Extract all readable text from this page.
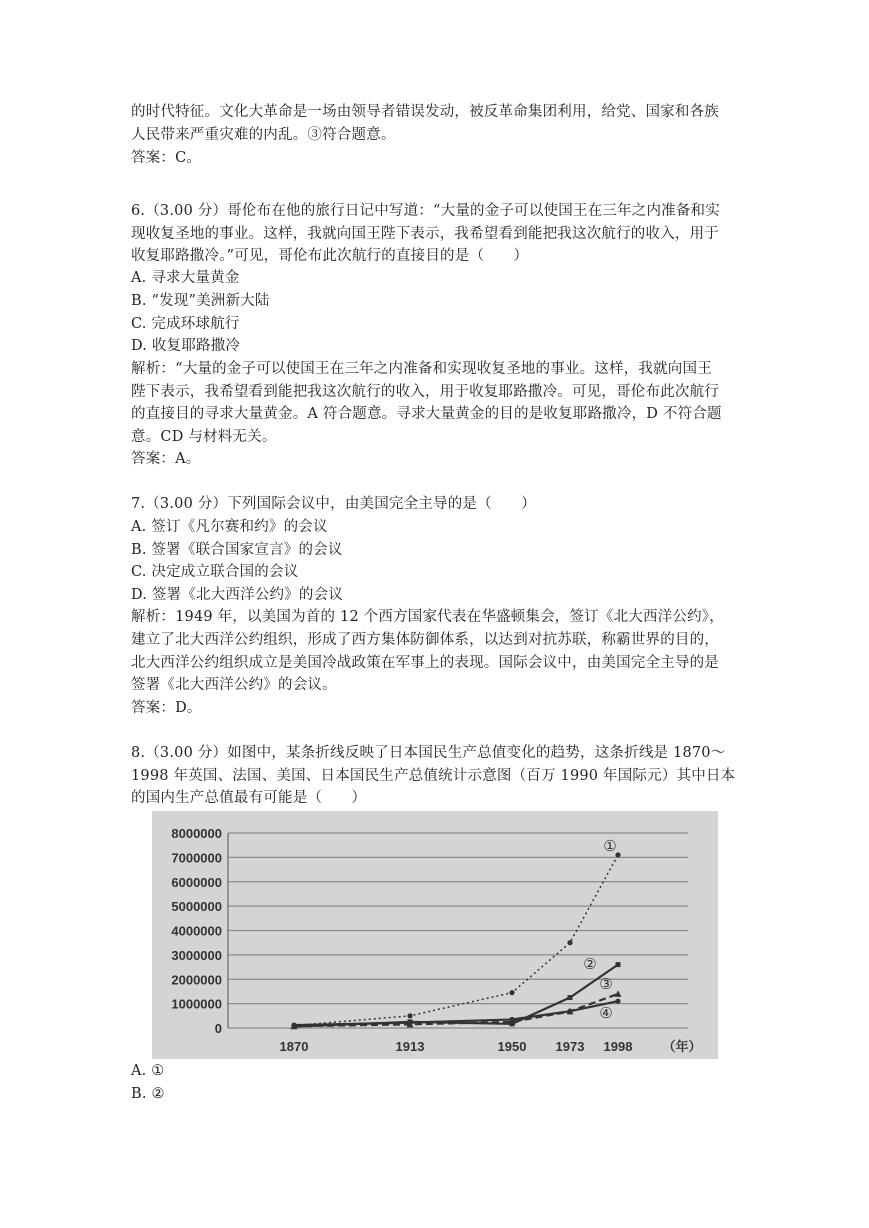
的时代特征。文化大革命是一场由领导者错误发动，被反革命集团利用，给党、国家和各族
人民带来严重灾难的内乱。③符合题意。
答案：C。
6.（3.00 分）哥伦布在他的旅行日记中写道：“大量的金子可以使国王在三年之内准备和实
现收复圣地的事业。这样，我就向国王陛下表示，我希望看到能把我这次航行的收入，用于
收复耶路撒冷。”可见，哥伦布此次航行的直接目的是（　　）
A. 寻求大量黄金
B. “发现”美洲新大陆
C. 完成环球航行
D. 收复耶路撒冷
解析：“大量的金子可以使国王在三年之内准备和实现收复圣地的事业。这样，我就向国王
陛下表示，我希望看到能把我这次航行的收入，用于收复耶路撒冷。可见，哥伦布此次航行
的直接目的寻求大量黄金。A 符合题意。寻求大量黄金的目的是收复耶路撒冷，D 不符合题
意。CD 与材料无关。
答案：A。
7.（3.00 分）下列国际会议中，由美国完全主导的是（　　）
A. 签订《凡尔赛和约》的会议
B. 签署《联合国家宣言》的会议
C. 决定成立联合国的会议
D. 签署《北大西洋公约》的会议
解析：1949 年，以美国为首的 12 个西方国家代表在华盛顿集会，签订《北大西洋公约》，
建立了北大西洋公约组织，形成了西方集体防御体系，以达到对抗苏联，称霸世界的目的，
北大西洋公约组织成立是美国冷战政策在军事上的表现。国际会议中，由美国完全主导的是
签署《北大西洋公约》的会议。
答案：D。
8.（3.00 分）如图中，某条折线反映了日本国民生产总值变化的趋势，这条折线是 1870～
1998 年英国、法国、美国、日本国民生产总值统计示意图（百万 1990 年国际元）其中日本
的国内生产总值最有可能是（　　）
8000000
7000000
6000000
5000000
4000000
3000000
2000000
1000000
0
1870	1913	1950 1973 1998 （年）
①
②
③
④
A. ①
B. ②
